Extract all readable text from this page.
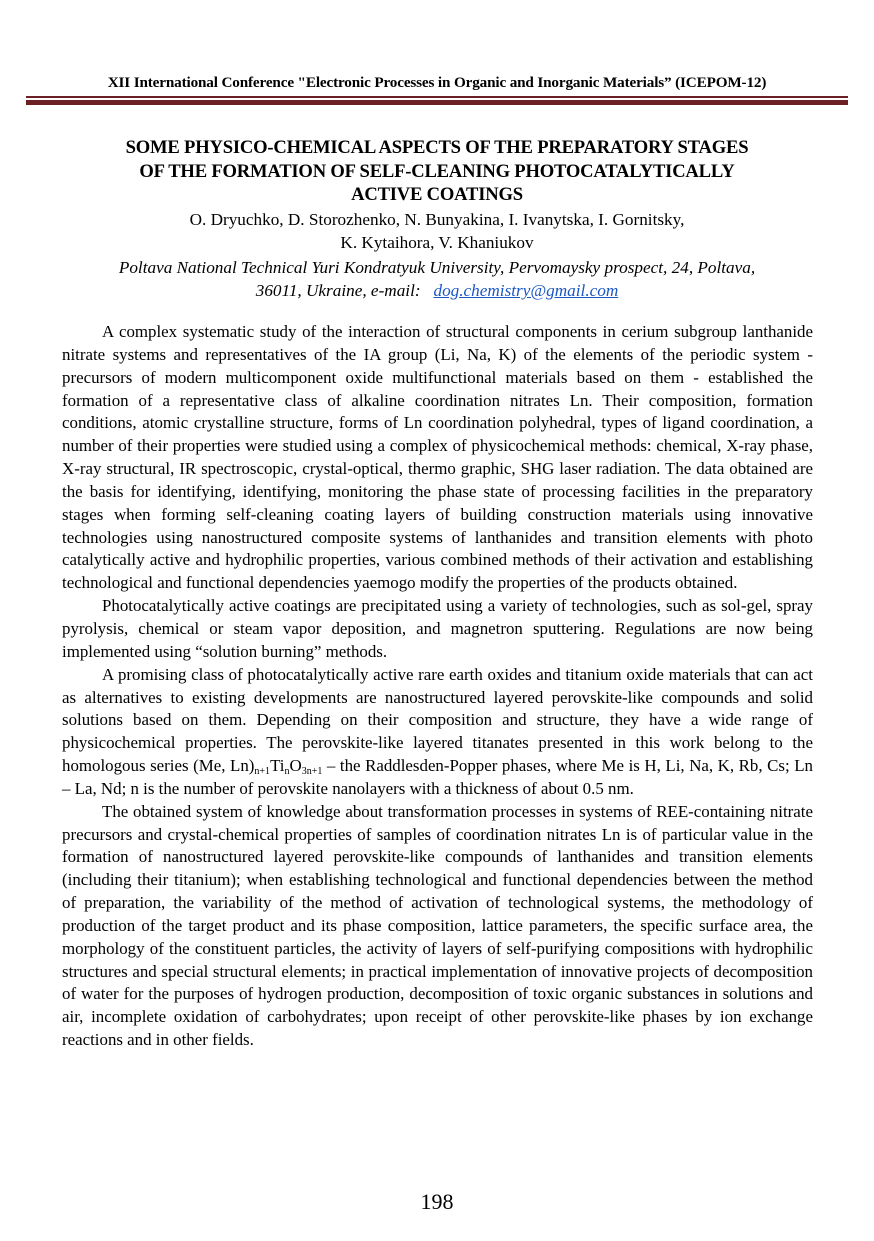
XII International Conference "Electronic Processes in Organic and Inorganic Materials” (ICEPOM-12)
SOME PHYSICO-CHEMICAL ASPECTS OF THE PREPARATORY STAGES
OF THE FORMATION OF SELF-CLEANING PHOTOCATALYTICALLY
ACTIVE COATINGS
O. Dryuchko, D. Storozhenko, N. Bunyakina, I. Ivanytska, I. Gornitsky,
K. Kytaihora, V. Khaniukov
Poltava National Technical Yuri Kondratyuk University, Pervomaysky prospect, 24, Poltava,
36011, Ukraine, e-mail: dog.chemistry@gmail.com

A complex systematic study of the interaction of structural components in cerium subgroup lanthanide nitrate systems and representatives of the IA group (Li, Na, K) of the elements of the periodic system - precursors of modern multicomponent oxide multifunctional materials based on them - established the formation of a representative class of alkaline coordination nitrates Ln. Their composition, formation conditions, atomic crystalline structure, forms of Ln coordination polyhedral, types of ligand coordination, a number of their properties were studied using a complex of physicochemical methods: chemical, X-ray phase, X-ray structural, IR spectroscopic, crystal-optical, thermo graphic, SHG laser radiation. The data obtained are the basis for identifying, identifying, monitoring the phase state of processing facilities in the preparatory stages when forming self-cleaning coating layers of building construction materials using innovative technologies using nanostructured composite systems of lanthanides and transition elements with photo catalytically active and hydrophilic properties, various combined methods of their activation and establishing technological and functional dependencies yaemogo modify the properties of the products obtained.

Photocatalytically active coatings are precipitated using a variety of technologies, such as sol-gel, spray pyrolysis, chemical or steam vapor deposition, and magnetron sputtering. Regulations are now being implemented using “solution burning” methods.

A promising class of photocatalytically active rare earth oxides and titanium oxide materials that can act as alternatives to existing developments are nanostructured layered perovskite-like compounds and solid solutions based on them. Depending on their composition and structure, they have a wide range of physicochemical properties. The perovskite-like layered titanates presented in this work belong to the homologous series (Me, $Ln)_{n+1}Ti_nO_{3n+1}$ – the Raddlesden-Popper phases, where Me is H, Li, Na, K, Rb, Cs; Ln – La, Nd; n is the number of perovskite nanolayers with a thickness of about 0.5 nm.

The obtained system of knowledge about transformation processes in systems of REE-containing nitrate precursors and crystal-chemical properties of samples of coordination nitrates Ln is of particular value in the formation of nanostructured layered perovskite-like compounds of lanthanides and transition elements (including their titanium); when establishing technological and functional dependencies between the method of preparation, the variability of the method of activation of technological systems, the methodology of production of the target product and its phase composition, lattice parameters, the specific surface area, the morphology of the constituent particles, the activity of layers of self-purifying compositions with hydrophilic structures and special structural elements; in practical implementation of innovative projects of decomposition of water for the purposes of hydrogen production, decomposition of toxic organic substances in solutions and air, incomplete oxidation of carbohydrates; upon receipt of other perovskite-like phases by ion exchange reactions and in other fields.

198
